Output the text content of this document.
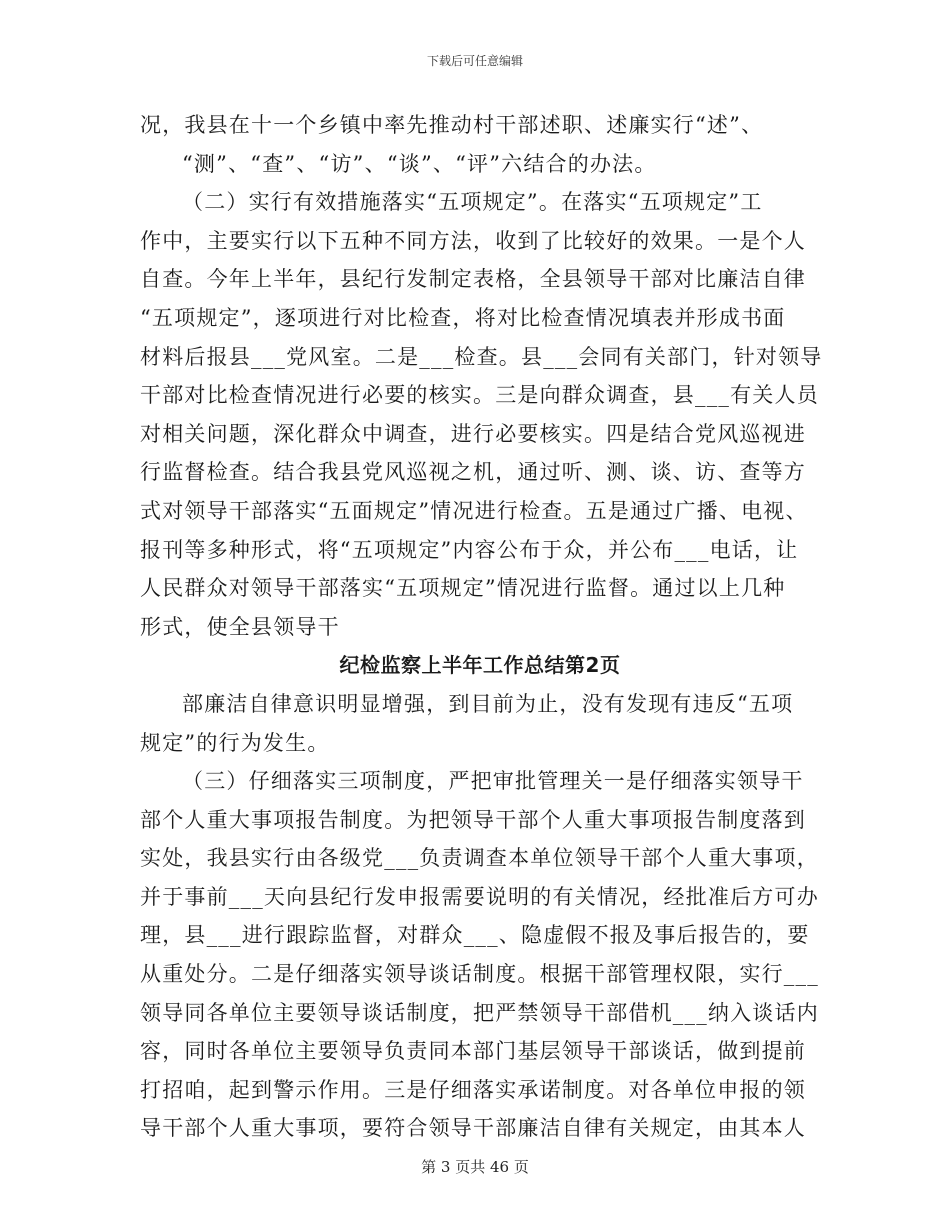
下载后可任意编辑
况，我县在十一个乡镇中率先推动村干部述职、述廉实行“述”、
“测”、“查”、“访”、“谈”、“评”六结合的办法。
（二）实行有效措施落实“五项规定”。在落实“五项规定”工
作中，主要实行以下五种不同方法，收到了比较好的效果。一是个人
自查。今年上半年，县纪行发制定表格，全县领导干部对比廉洁自律
“五项规定”，逐项进行对比检查，将对比检查情况填表并形成书面
材料后报县___党风室。二是___检查。县___会同有关部门，针对领导
干部对比检查情况进行必要的核实。三是向群众调查，县___有关人员
对相关问题，深化群众中调查，进行必要核实。四是结合党风巡视进
行监督检查。结合我县党风巡视之机，通过听、测、谈、访、查等方
式对领导干部落实“五面规定”情况进行检查。五是通过广播、电视、
报刊等多种形式，将“五项规定”内容公布于众，并公布___电话，让
人民群众对领导干部落实“五项规定”情况进行监督。通过以上几种
形式，使全县领导干
纪检监察上半年工作总结第2页
部廉洁自律意识明显增强，到目前为止，没有发现有违反“五项
规定”的行为发生。
（三）仔细落实三项制度，严把审批管理关一是仔细落实领导干
部个人重大事项报告制度。为把领导干部个人重大事项报告制度落到
实处，我县实行由各级党___负责调查本单位领导干部个人重大事项，
并于事前___天向县纪行发申报需要说明的有关情况，经批准后方可办
理，县___进行跟踪监督，对群众___、隐虚假不报及事后报告的，要
从重处分。二是仔细落实领导谈话制度。根据干部管理权限，实行___
领导同各单位主要领导谈话制度，把严禁领导干部借机___纳入谈话内
容，同时各单位主要领导负责同本部门基层领导干部谈话，做到提前
打招咱，起到警示作用。三是仔细落实承诺制度。对各单位申报的领
导干部个人重大事项，要符合领导干部廉洁自律有关规定，由其本人
第 3 页共 46 页
